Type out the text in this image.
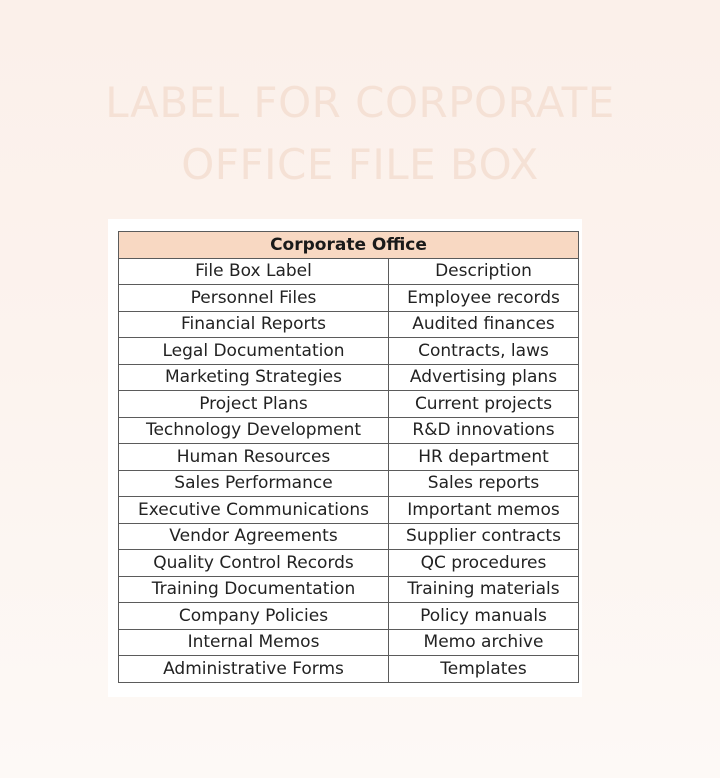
LABEL FOR CORPORATE
OFFICE FILE BOX
Corporate Office	
File Box Label	Description
Personnel Files	Employee records
Financial Reports	Audited finances
Legal Documentation	Contracts, laws
Marketing Strategies	Advertising plans
Project Plans	Current projects
Technology Development	R&D innovations
Human Resources	HR department
Sales Performance	Sales reports
Executive Communications	Important memos
Vendor Agreements	Supplier contracts
Quality Control Records	QC procedures
Training Documentation	Training materials
Company Policies	Policy manuals
Internal Memos	Memo archive
Administrative Forms	Templates
